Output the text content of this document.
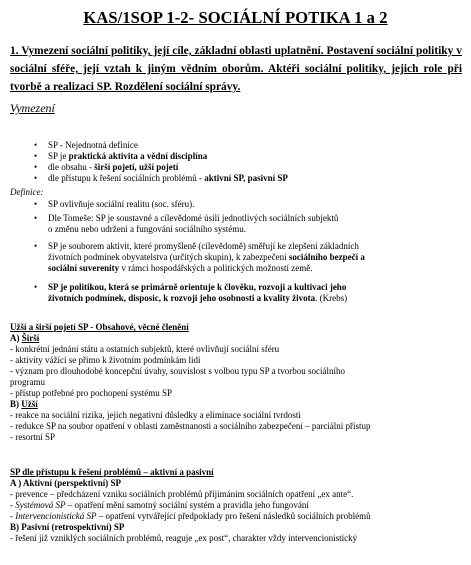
KAS/1SOP 1-2- SOCIÁLNÍ POTIKA 1 a 2
1. Vymezení sociální politiky, její cíle, základní oblasti uplatnění. Postavení sociální politiky v sociální sféře, její vztah k jiným vědním oborům. Aktéři sociální politiky, jejich role při tvorbě a realizaci SP. Rozdělení sociální správy.
Vymezení
• SP - Nejednotná definice
• SP je praktická aktivita a vědní disciplína
• dle obsahu - širší pojetí, užší pojetí
• dle přístupu k řešení sociálních problémů - aktivní SP, pasivní SP
Definice:
• SP ovlivňuje sociální realitu (soc. sféru).
• Dle Tomeše: SP je soustavné a cílevědomé úsilí jednotlivých sociálních subjektů
o změnu nebo udržení a fungování sociálního systému.
• SP je souborem aktivit, které promyšleně (cílevědomě) směřují ke zlepšení základních
životních podmínek obyvatelstva (určitých skupin), k zabezpečení sociálního bezpečí a
sociální suverenity v rámci hospodářských a politických možností země.
• SP je politikou, která se primárně orientuje k člověku, rozvoji a kultivaci jeho
životních podmínek, disposic, k rozvoji jeho osobnosti a kvality života. (Krebs)
Užší a širší pojetí SP - Obsahové, věcné členění
A) Širší
- konkrétní jednání státu a ostatních subjektů, které ovlivňují sociální sféru
- aktivity vážící se přímo k životním podmínkám lidí
- význam pro dlouhodobé koncepční úvahy, souvislost s volbou typu SP a tvorbou sociálního
programu
- přístup potřebné pro pochopení systému SP
B) Užší
- reakce na sociální rizika, jejich negativní důsledky a eliminace sociální tvrdosti
- redukce SP na soubor opatření v oblasti zaměstnanosti a sociálního zabezpečení – parciální přístup
- resortní SP
SP dle přístupu k řešení problémů – aktivní a pasivní
A ) Aktivní (perspektivní) SP
- prevence – předcházení vzniku sociálních problémů přijímáním sociálních opatření „ex ante“.
- Systémová SP – opatření mění samotný sociální systém a pravidla jeho fungování
- Intervencionistická SP – opatření vytvářející předpoklady pro řešení následků sociálních problémů
B) Pasivní (retrospektivní) SP
- řešení již vzniklých sociálních problémů, reaguje „ex post“, charakter vždy intervencionistický
